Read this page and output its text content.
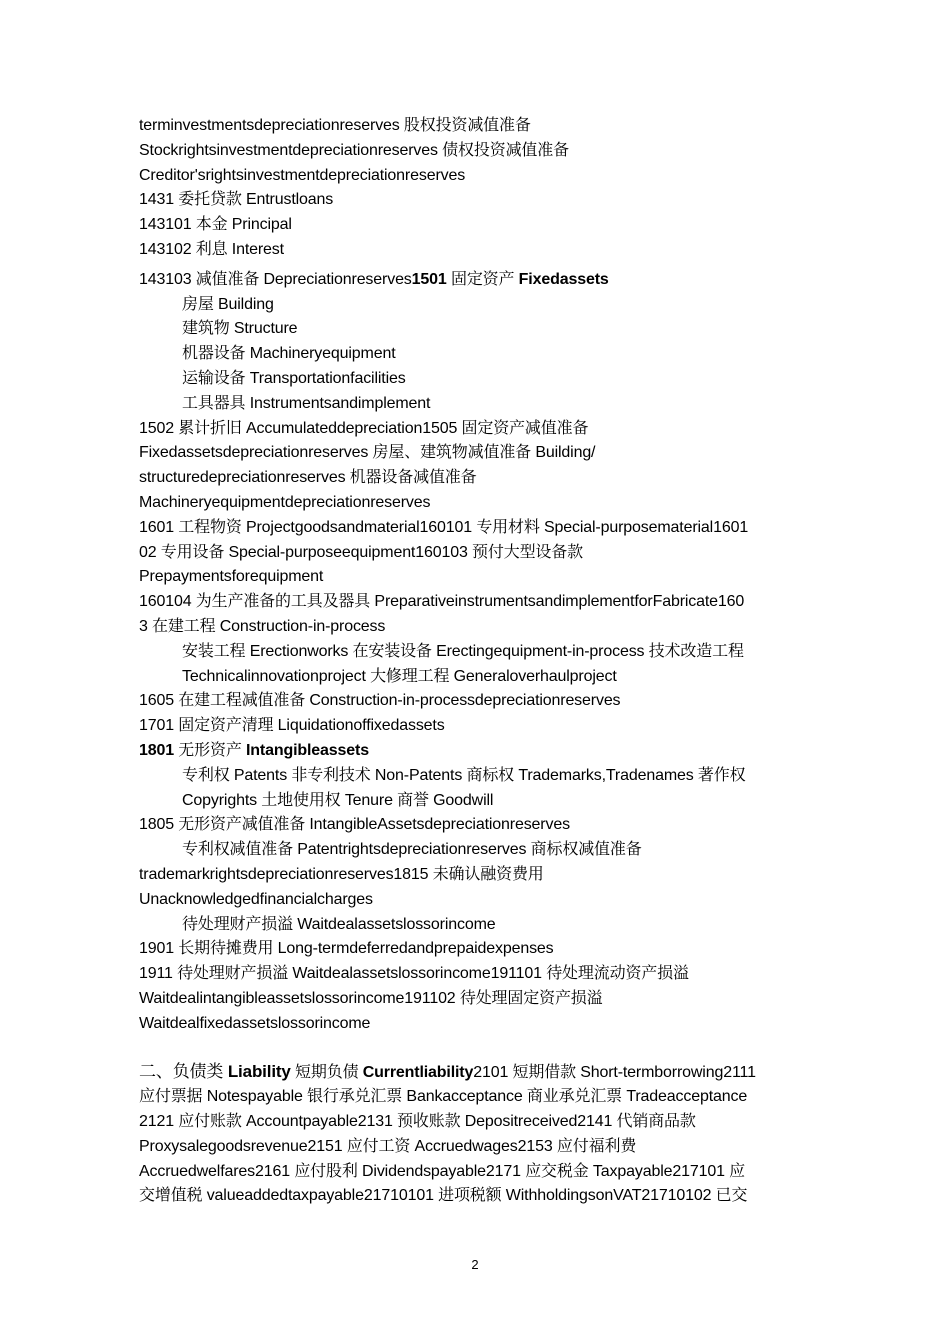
terminvestmentsdepreciationreserves 股权投资减值准备
Stockrightsinvestmentdepreciationreserves 债权投资减值准备
Creditor'srightsinvestmentdepreciationreserves
1431 委托贷款 Entrustloans
143101 本金 Principal
143102 利息 Interest
143103 减值准备 Depreciationreserves1501 固定资产 Fixedassets
房屋 Building
建筑物 Structure
机器设备 Machineryequipment
运输设备 Transportationfacilities
工具器具 Instrumentsandimplement
1502 累计折旧 Accumulateddepreciation1505 固定资产减值准备
Fixedassetsdepreciationreserves 房屋、建筑物减值准备 Building/
structuredepreciationreserves 机器设备减值准备
Machineryequipmentdepreciationreserves
1601 工程物资 Projectgoodsandmaterial160101 专用材料 Special-purposematerial1601
02 专用设备 Special-purposeequipment160103 预付大型设备款
Prepaymentsforequipment
160104 为生产准备的工具及器具 PreparativeinstrumentsandimplementforFabricate160
3 在建工程 Construction-in-process
安装工程 Erectionworks 在安装设备 Erectingequipment-in-process 技术改造工程
Technicalinnovationproject 大修理工程 Generaloverhaulproject
1605 在建工程减值准备 Construction-in-processdepreciationreserves
1701 固定资产清理 Liquidationoffixedassets
1801 无形资产 Intangibleassets
专利权 Patents 非专利技术 Non-Patents 商标权 Trademarks,Tradenames 著作权
Copyrights 土地使用权 Tenure 商誉 Goodwill
1805 无形资产减值准备 IntangibleAssetsdepreciationreserves
专利权减值准备 Patentrightsdepreciationreserves 商标权减值准备
trademarkrightsdepreciationreserves1815 未确认融资费用
Unacknowledgedfinancialcharges
待处理财产损溢 Waitdealassetslossorincome
1901 长期待摊费用 Long-termdeferredandprepaidexpenses
1911 待处理财产损溢 Waitdealassetslossorincome191101 待处理流动资产损溢
Waitdealintangibleassetslossorincome191102 待处理固定资产损溢
Waitdealfixedassetslossorincome
二、负债类 Liability 短期负债 Currentliability2101 短期借款 Short-termborrowing2111
应付票据 Notespayable 银行承兑汇票 Bankacceptance 商业承兑汇票 Tradeacceptance
2121 应付账款 Accountpayable2131 预收账款 Depositreceived2141 代销商品款
Proxysalegoodsrevenue2151 应付工资 Accruedwages2153 应付福利费
Accruedwelfares2161 应付股利 Dividendspayable2171 应交税金 Taxpayable217101 应
交增值税 valueaddedtaxpayable21710101 进项税额 WithholdingsonVAT21710102 已交
2
